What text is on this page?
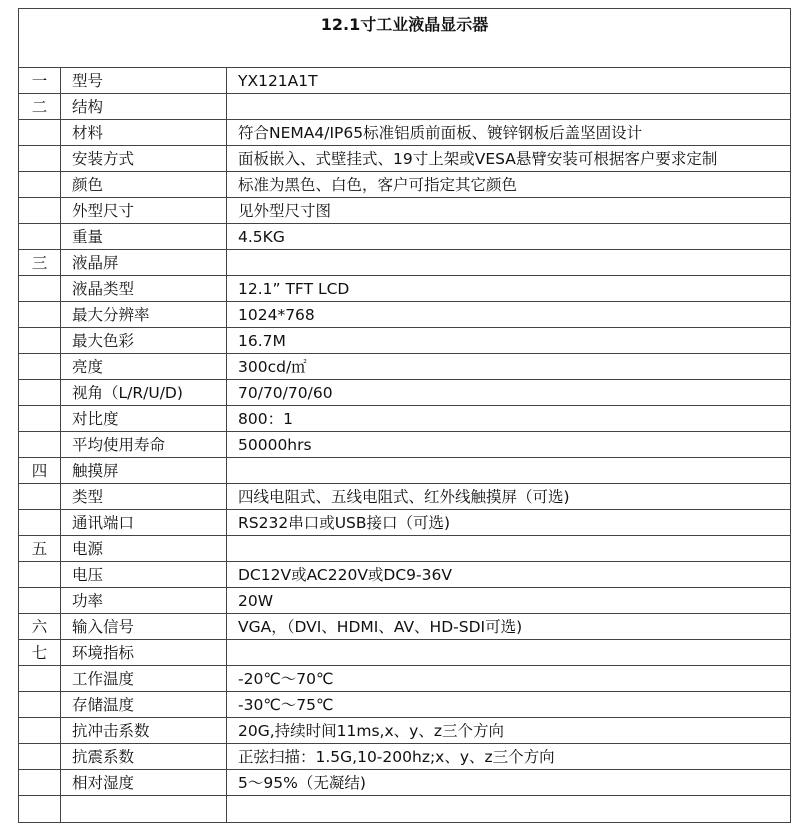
12.1寸工业液晶显示器		
一	型号	YX121A1T
二	结构	
	材料	符合NEMA4/IP65标准铝质前面板、镀锌钢板后盖坚固设计
	安装方式	面板嵌入、式壁挂式、19寸上架或VESA悬臂安装可根据客户要求定制
	颜色	标准为黑色、白色，客户可指定其它颜色
	外型尺寸	见外型尺寸图
	重量	4.5KG
三	液晶屏	
	液晶类型	12.1” TFT LCD
	最大分辨率	1024*768
	最大色彩	16.7M
	亮度	300cd/㎡
	视角（L/R/U/D)	70/70/70/60
	对比度	800：1
	平均使用寿命	50000hrs
四	触摸屏	
	类型	四线电阻式、五线电阻式、红外线触摸屏（可选)
	通讯端口	RS232串口或USB接口（可选)
五	电源	
	电压	DC12V或AC220V或DC9-36V
	功率	20W
六	输入信号	VGA，（DVI、HDMI、AV、HD-SDI可选)
七	环境指标	
	工作温度	-20℃～70℃
	存储温度	-30℃～75℃
	抗冲击系数	20G,持续时间11ms,x、y、z三个方向
	抗震系数	正弦扫描：1.5G,10-200hz;x、y、z三个方向
	相对湿度	5～95%（无凝结)
